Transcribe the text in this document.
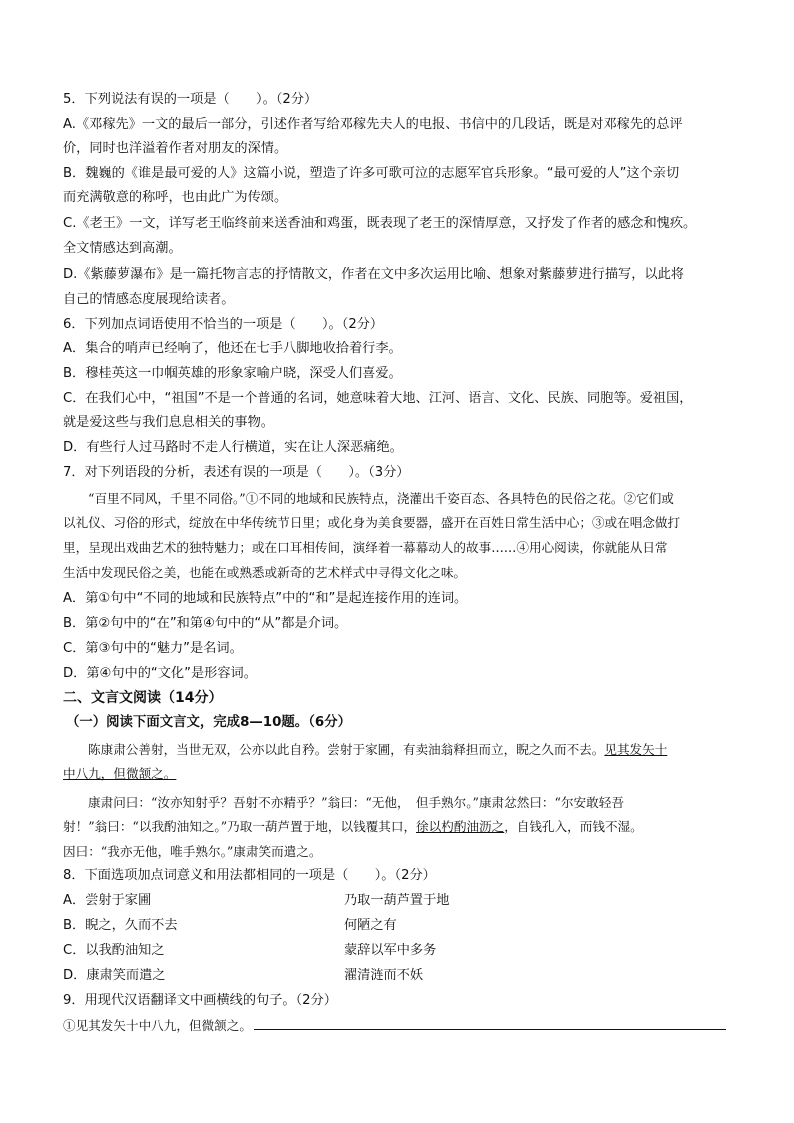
5．下列说法有误的一项是（　　）。（2分）
A.《邓稼先》一文的最后一部分，引述作者写给邓稼先夫人的电报、书信中的几段话，既是对邓稼先的总评
价，同时也洋溢着作者对朋友的深情。
B．魏巍的《谁是最可爱的人》这篇小说，塑造了许多可歌可泣的志愿军官兵形象。“最可爱的人”这个亲切
而充满敬意的称呼，也由此广为传颂。
C.《老王》一文，详写老王临终前来送香油和鸡蛋，既表现了老王的深情厚意，又抒发了作者的感念和愧疚。
全文情感达到高潮。
D.《紫藤萝瀑布》是一篇托物言志的抒情散文，作者在文中多次运用比喻、想象对紫藤萝进行描写，以此将
自己的情感态度展现给读者。
6．下列加点词语使用不恰当的一项是（　　）。（2分）
A．集合的哨声已经响了，他还在七手八脚地收拾着行李。
B．穆桂英这一巾帼英雄的形象家喻户晓，深受人们喜爱。
C．在我们心中，“祖国”不是一个普通的名词，她意味着大地、江河、语言、文化、民族、同胞等。爱祖国，
就是爱这些与我们息息相关的事物。
D．有些行人过马路时不走人行横道，实在让人深恶痛绝。
7．对下列语段的分析，表述有误的一项是（　　）。（3分）
“百里不同风，千里不同俗。”①不同的地域和民族特点，浇灌出千姿百态、各具特色的民俗之花。②它们或
以礼仪、习俗的形式，绽放在中华传统节日里；或化身为美食要器，盛开在百姓日常生活中心；③或在唱念做打
里，呈现出戏曲艺术的独特魅力；或在口耳相传间，演绎着一幕幕动人的故事……④用心阅读，你就能从日常
生活中发现民俗之美，也能在或熟悉或新奇的艺术样式中寻得文化之味。
A．第①句中“不同的地域和民族特点”中的“和”是起连接作用的连词。
B．第②句中的“在”和第④句中的“从”都是介词。
C．第③句中的“魅力”是名词。
D．第④句中的“文化”是形容词。
二、文言文阅读（14分）
（一）阅读下面文言文，完成8—10题。（6分）
陈康肃公善射，当世无双，公亦以此自矜。尝射于家圃，有卖油翁释担而立，睨之久而不去。见其发矢十
中八九，但微颔之。
康肃问曰：“汝亦知射乎？吾射不亦精乎？”翁曰：“无他，　但手熟尔。”康肃忿然曰：“尔安敢轻吾
射！”翁曰：“以我酌油知之。”乃取一葫芦置于地，以钱覆其口，徐以杓酌油沥之，自钱孔入，而钱不湿。
因曰：“我亦无他，唯手熟尔。”康肃笑而遣之。
8．下面选项加点词意义和用法都相同的一项是（　　）。（2分）
A．尝射于家圃	乃取一葫芦置于地
B．睨之，久而不去	何陋之有
C．以我酌油知之	蒙辞以军中多务
D．康肃笑而遣之	濯清涟而不妖
9．用现代汉语翻译文中画横线的句子。（2分）
①见其发矢十中八九，但微颔之。
